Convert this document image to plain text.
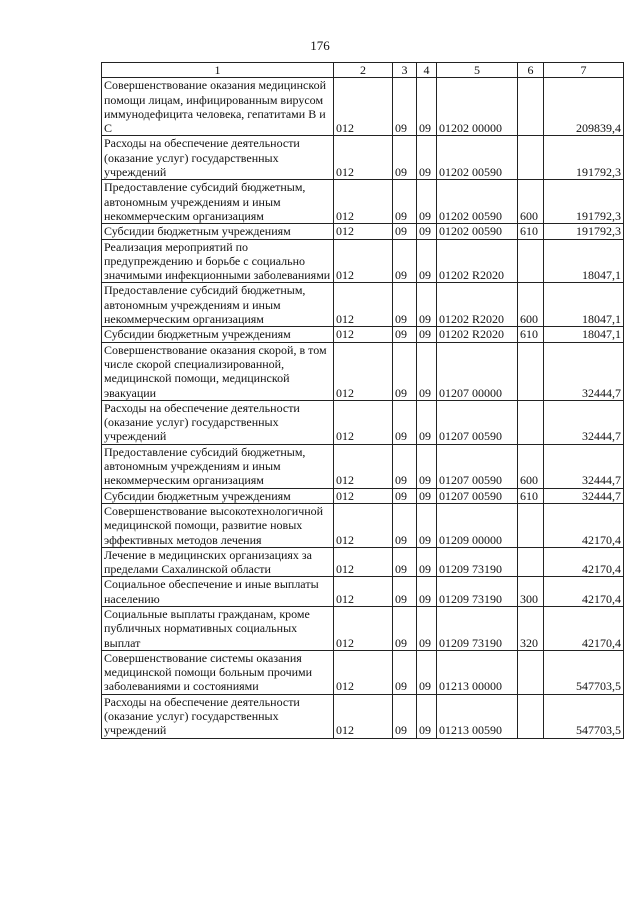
176
1	2	3	4	5	6	7
Совершенствование оказания медицинской помощи лицам, инфицированным вирусом иммунодефицита человека, гепатитами В и С	012	09	09	01202 00000		209839,4
Расходы на обеспечение деятельности (оказание услуг) государственных учреждений	012	09	09	01202 00590		191792,3
Предоставление субсидий бюджетным, автономным учреждениям и иным некоммерческим организациям	012	09	09	01202 00590	600	191792,3
Субсидии бюджетным учреждениям	012	09	09	01202 00590	610	191792,3
Реализация мероприятий по предупреждению и борьбе с социально значимыми инфекционными заболеваниями	012	09	09	01202 R2020		18047,1
Предоставление субсидий бюджетным, автономным учреждениям и иным некоммерческим организациям	012	09	09	01202 R2020	600	18047,1
Субсидии бюджетным учреждениям	012	09	09	01202 R2020	610	18047,1
Совершенствование оказания скорой, в том числе скорой специализированной, медицинской помощи, медицинской эвакуации	012	09	09	01207 00000		32444,7
Расходы на обеспечение деятельности (оказание услуг) государственных учреждений	012	09	09	01207 00590		32444,7
Предоставление субсидий бюджетным, автономным учреждениям и иным некоммерческим организациям	012	09	09	01207 00590	600	32444,7
Субсидии бюджетным учреждениям	012	09	09	01207 00590	610	32444,7
Совершенствование высокотехнологичной медицинской помощи, развитие новых эффективных методов лечения	012	09	09	01209 00000		42170,4
Лечение в медицинских организациях за пределами Сахалинской области	012	09	09	01209 73190		42170,4
Социальное обеспечение и иные выплаты населению	012	09	09	01209 73190	300	42170,4
Социальные выплаты гражданам, кроме публичных нормативных социальных выплат	012	09	09	01209 73190	320	42170,4
Совершенствование системы оказания медицинской помощи больным прочими заболеваниями и состояниями	012	09	09	01213 00000		547703,5
Расходы на обеспечение деятельности (оказание услуг) государственных учреждений	012	09	09	01213 00590		547703,5
